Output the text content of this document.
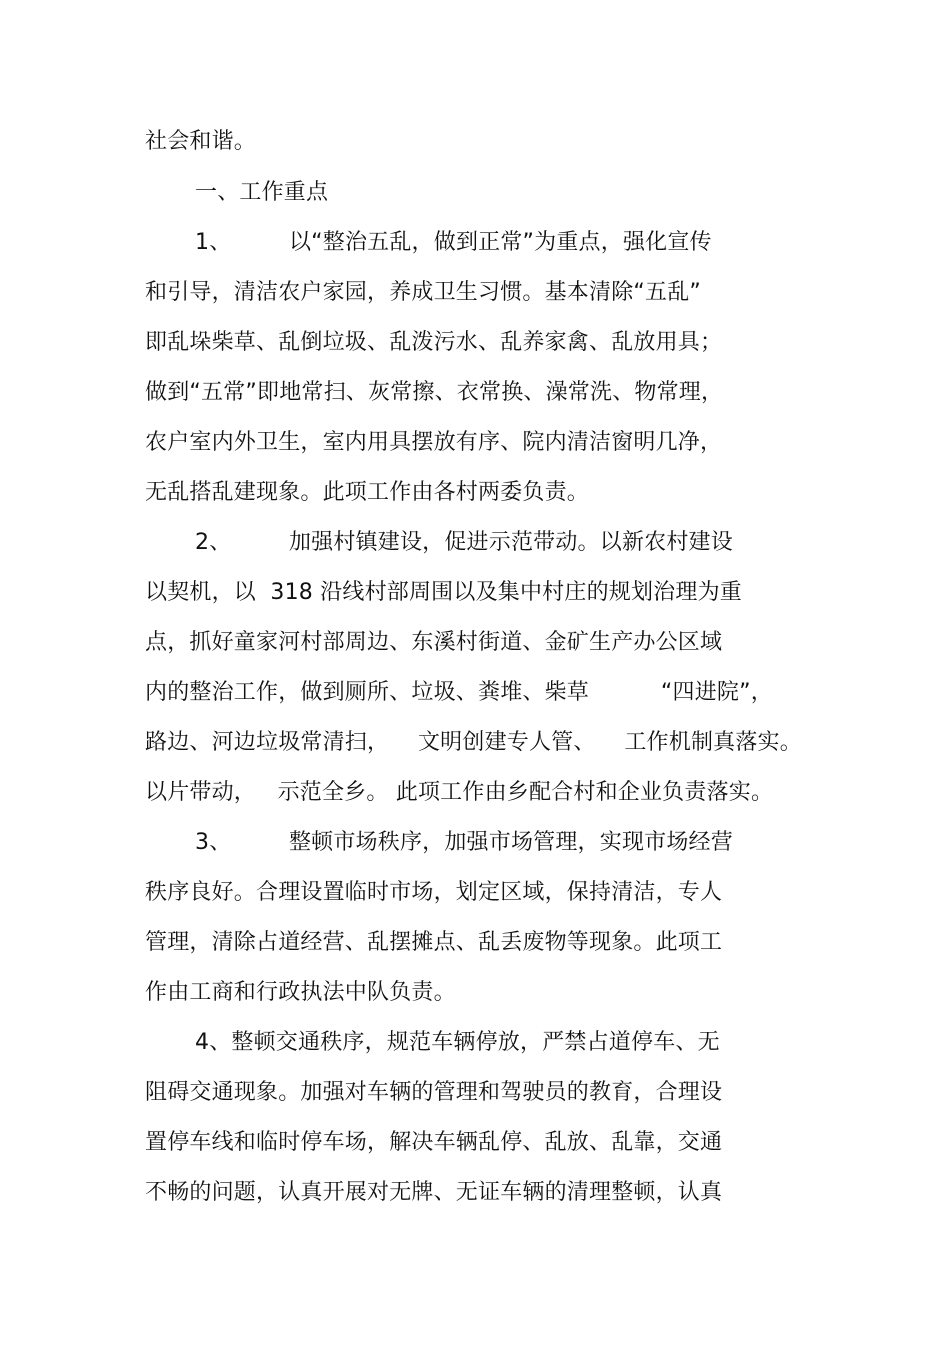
社会和谐。
一、工作重点
1、        以“整治五乱，做到正常”为重点，强化宣传
和引导，清洁农户家园，养成卫生习惯。基本清除“五乱”
即乱垛柴草、乱倒垃圾、乱泼污水、乱养家禽、乱放用具；
做到“五常”即地常扫、灰常擦、衣常换、澡常洗、物常理，
农户室内外卫生，室内用具摆放有序、院内清洁窗明几净，
无乱搭乱建现象。此项工作由各村两委负责。
2、        加强村镇建设，促进示范带动。以新农村建设
以契机，以  318 沿线村部周围以及集中村庄的规划治理为重
点，抓好童家河村部周边、东溪村街道、金矿生产办公区域
内的整治工作，做到厕所、垃圾、粪堆、柴草          “四进院”，
路边、河边垃圾常清扫，    文明创建专人管、    工作机制真落实。
以片带动，   示范全乡。 此项工作由乡配合村和企业负责落实。
3、        整顿市场秩序，加强市场管理，实现市场经营
秩序良好。合理设置临时市场，划定区域，保持清洁，专人
管理，清除占道经营、乱摆摊点、乱丢废物等现象。此项工
作由工商和行政执法中队负责。
4、整顿交通秩序，规范车辆停放，严禁占道停车、无
阻碍交通现象。加强对车辆的管理和驾驶员的教育，合理设
置停车线和临时停车场，解决车辆乱停、乱放、乱靠，交通
不畅的问题，认真开展对无牌、无证车辆的清理整顿，认真
